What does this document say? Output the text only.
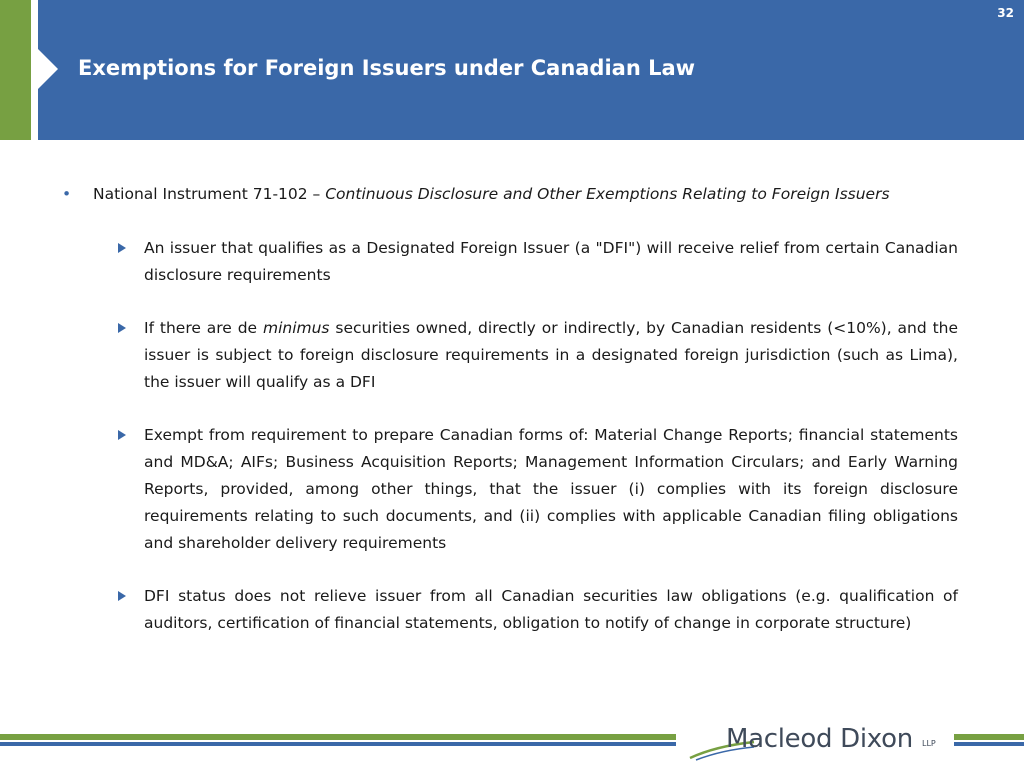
Exemptions for Foreign Issuers under Canadian Law
32
• National Instrument 71-102 – Continuous Disclosure and Other Exemptions Relating to Foreign Issuers
An issuer that qualifies as a Designated Foreign Issuer (a "DFI") will receive relief from certain Canadian disclosure requirements
If there are de minimus securities owned, directly or indirectly, by Canadian residents (<10%), and the issuer is subject to foreign disclosure requirements in a designated foreign jurisdiction (such as Lima), the issuer will qualify as a DFI
Exempt from requirement to prepare Canadian forms of: Material Change Reports; financial statements and MD&A; AIFs; Business Acquisition Reports; Management Information Circulars; and Early Warning Reports, provided, among other things, that the issuer (i) complies with its foreign disclosure requirements relating to such documents, and (ii) complies with applicable Canadian filing obligations and shareholder delivery requirements
DFI status does not relieve issuer from all Canadian securities law obligations (e.g. qualification of auditors, certification of financial statements, obligation to notify of change in corporate structure)
Macleod Dixon LLP
